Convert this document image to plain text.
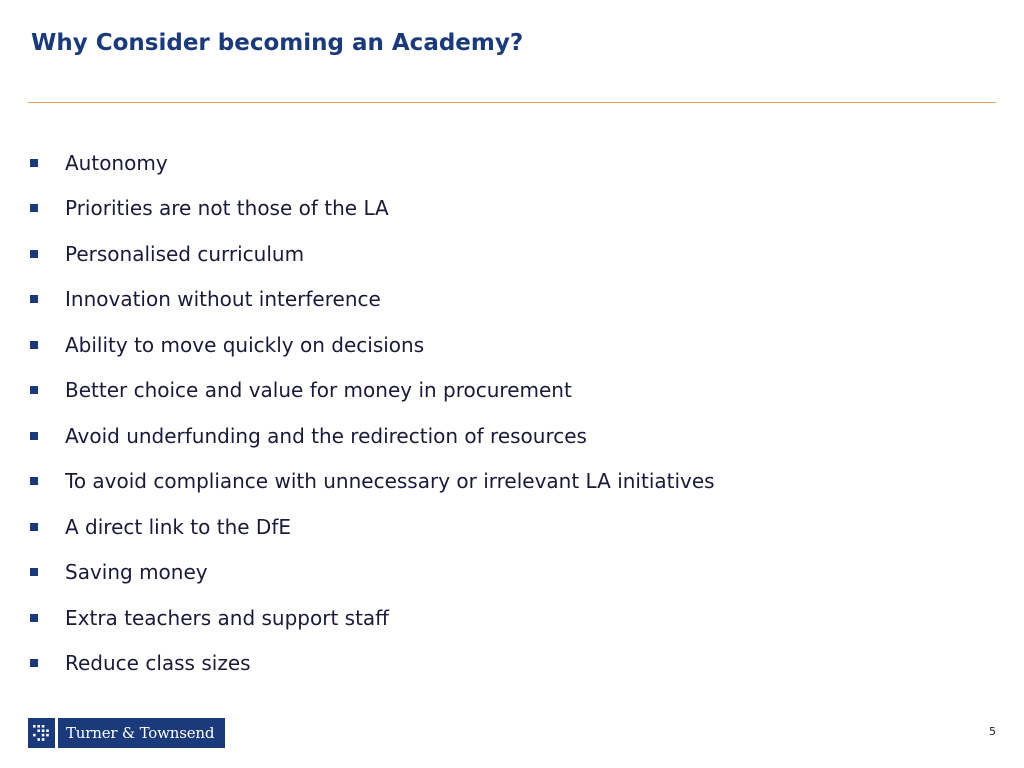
Why Consider becoming an Academy?
Autonomy
Priorities are not those of the LA
Personalised curriculum
Innovation without interference
Ability to move quickly on decisions
Better choice and value for money in procurement
Avoid underfunding and the redirection of resources
To avoid compliance with unnecessary or irrelevant LA initiatives
A direct link to the DfE
Saving money
Extra teachers and support staff
Reduce class sizes
Turner & Townsend	5
